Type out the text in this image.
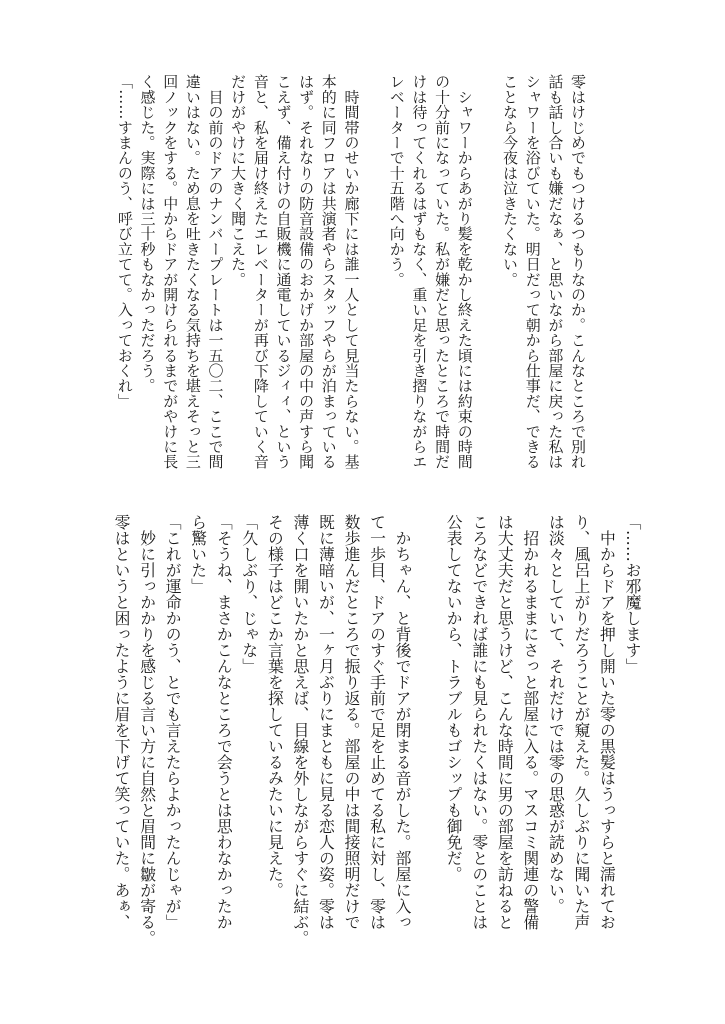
零はけじめでもつけるつもりなのか。こんなところで別れ
話も話し合いも嫌だなぁ、と思いながら部屋に戻った私は
シャワーを浴びていた。明日だって朝から仕事だ、できる
ことなら今夜は泣きたくない。
　シャワーからあがり髪を乾かし終えた頃には約束の時間
の十分前になっていた。私が嫌だと思ったところで時間だ
けは待ってくれるはずもなく、重い足を引き摺りながらエ
レベーターで十五階へ向かう。
　時間帯のせいか廊下には誰一人として見当たらない。基
本的に同フロアは共演者やらスタッフやらが泊まっている
はず。それなりの防音設備のおかげか部屋の中の声すら聞
こえず、備え付けの自販機に通電しているジィィ、という
音と、私を届け終えたエレベーターが再び下降していく音
だけがやけに大きく聞こえた。
　目の前のドアのナンバープレートは一五〇二、ここで間
違いはない。ため息を吐きたくなる気持ちを堪えそっと三
回ノックをする。中からドアが開けられるまでがやけに長
く感じた。実際には三十秒もなかっただろう。
「……すまんのう、呼び立てて。入っておくれ」
「……お邪魔します」
　中からドアを押し開いた零の黒髪はうっすらと濡れてお
り、風呂上がりだろうことが窺えた。久しぶりに聞いた声
は淡々としていて、それだけでは零の思惑が読めない。
　招かれるままにさっと部屋に入る。マスコミ関連の警備
は大丈夫だと思うけど、こんな時間に男の部屋を訪ねると
ころなどできれば誰にも見られたくはない。零とのことは
公表してないから、トラブルもゴシップも御免だ。
　かちゃん、と背後でドアが閉まる音がした。部屋に入っ
て一歩目、ドアのすぐ手前で足を止めてる私に対し、零は
数歩進んだところで振り返る。部屋の中は間接照明だけで
既に薄暗いが、一ヶ月ぶりにまともに見る恋人の姿。零は
薄く口を開いたかと思えば、目線を外しながらすぐに結ぶ。
その様子はどこか言葉を探しているみたいに見えた。
「久しぶり、じゃな」
「そうね、まさかこんなところで会うとは思わなかったか
ら驚いた」
「これが運命かのう、とでも言えたらよかったんじゃが」
　妙に引っかかりを感じる言い方に自然と眉間に皺が寄る。
零はというと困ったように眉を下げて笑っていた。あぁ、
